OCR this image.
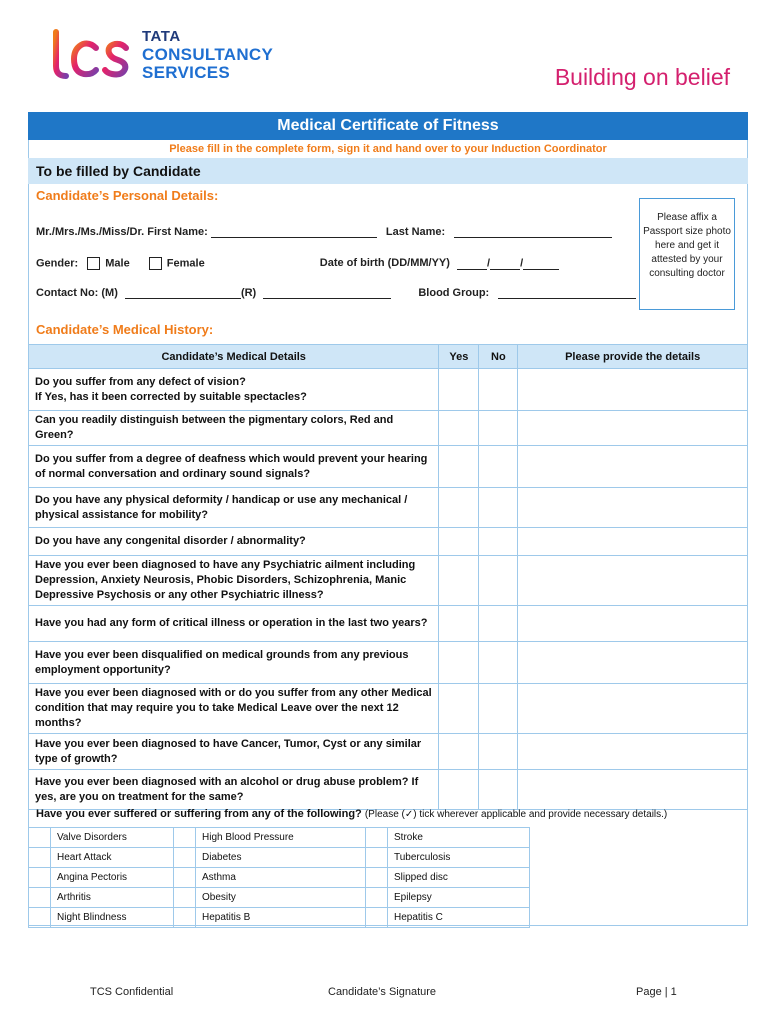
TATA
CONSULTANCY
SERVICES	Building on belief
Medical Certificate of Fitness
Please fill in the complete form, sign it and hand over to your Induction Coordinator
To be filled by Candidate
Candidate’s Personal Details:
Mr./Mrs./Ms./Miss/Dr. First Name:	Last Name:
Gender: Male	Female	Date of birth (DD/MM/YY)	/	/
Contact No: (M)	(R)	Blood Group:
Please affix a Passport size photo here and get it attested by your consulting doctor
Candidate’s Medical History:
Candidate’s Medical Details	Yes	No	Please provide the details
Do you suffer from any defect of vision?
If Yes, has it been corrected by suitable spectacles?			
Can you readily distinguish between the pigmentary colors, Red and Green?			
Do you suffer from a degree of deafness which would prevent your hearing of normal conversation and ordinary sound signals?			
Do you have any physical deformity / handicap or use any mechanical / physical assistance for mobility?			
Do you have any congenital disorder / abnormality?			
Have you ever been diagnosed to have any Psychiatric ailment including Depression, Anxiety Neurosis, Phobic Disorders, Schizophrenia, Manic Depressive Psychosis or any other Psychiatric illness?			
Have you had any form of critical illness or operation in the last two years?			
Have you ever been disqualified on medical grounds from any previous employment opportunity?			
Have you ever been diagnosed with or do you suffer from any other Medical condition that may require you to take Medical Leave over the next 12 months?			
Have you ever been diagnosed to have Cancer, Tumor, Cyst or any similar type of growth?			
Have you ever been diagnosed with an alcohol or drug abuse problem? If yes, are you on treatment for the same?			
Have you ever suffered or suffering from any of the following? (Please (✓) tick wherever applicable and provide necessary details.)
	Valve Disorders		High Blood Pressure		Stroke
	Heart Attack		Diabetes		Tuberculosis
	Angina Pectoris		Asthma		Slipped disc
	Arthritis		Obesity		Epilepsy
	Night Blindness		Hepatitis B		Hepatitis C
TCS Confidential	Candidate’s Signature	Page | 1
